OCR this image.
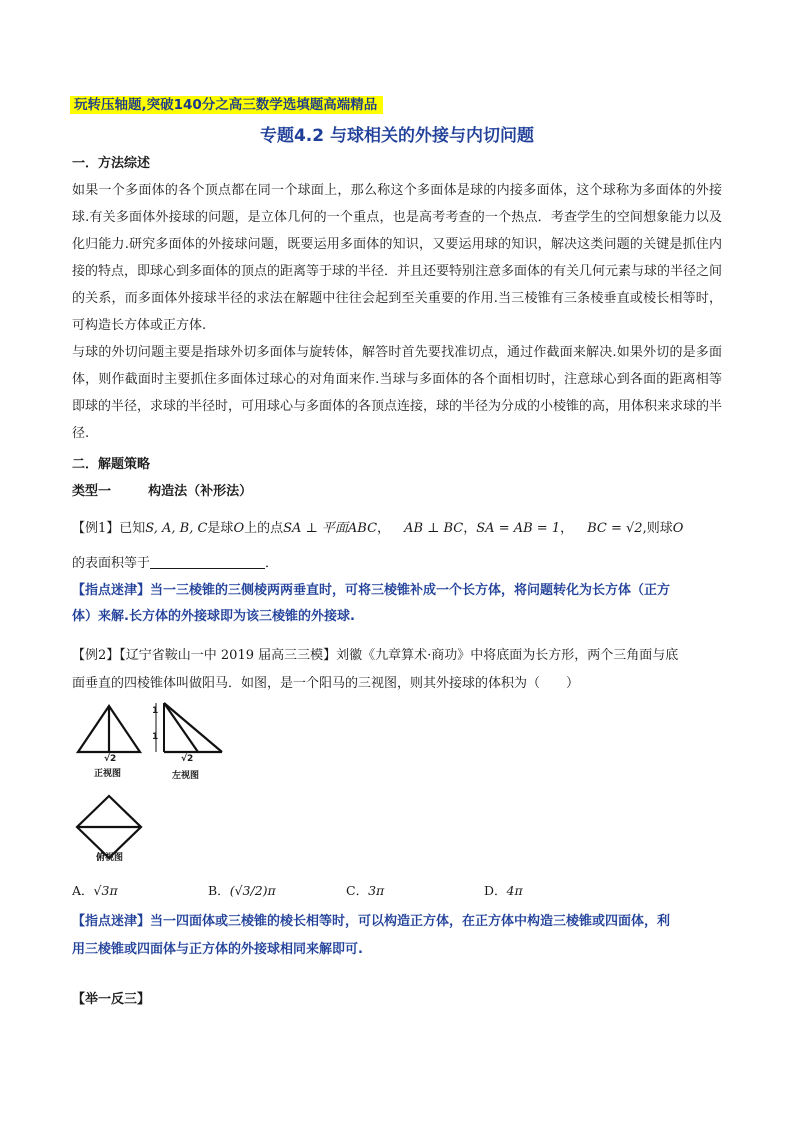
玩转压轴题,突破140分之高三数学选填题高端精品
专题4.2 与球相关的外接与内切问题
一．方法综述
如果一个多面体的各个顶点都在同一个球面上，那么称这个多面体是球的内接多面体，这个球称为多面体的外接球.有关多面体外接球的问题，是立体几何的一个重点，也是高考考查的一个热点．考查学生的空间想象能力以及化归能力.研究多面体的外接球问题，既要运用多面体的知识，又要运用球的知识，解决这类问题的关键是抓住内接的特点，即球心到多面体的顶点的距离等于球的半径．并且还要特别注意多面体的有关几何元素与球的半径之间的关系，而多面体外接球半径的求法在解题中往往会起到至关重要的作用.当三棱锥有三条棱垂直或棱长相等时，可构造长方体或正方体.
与球的外切问题主要是指球外切多面体与旋转体，解答时首先要找准切点，通过作截面来解决.如果外切的是多面体，则作截面时主要抓住多面体过球心的对角面来作.当球与多面体的各个面相切时，注意球心到各面的距离相等即球的半径，求球的半径时，可用球心与多面体的各顶点连接，球的半径为分成的小棱锥的高，用体积来求球的半径.
二．解题策略
类型一	构造法（补形法）
【例1】已知S, A, B, C是球O上的点SA ⊥ 平面ABC， AB ⊥ BC，SA = AB = 1， BC = √2,则球O
的表面积等于	．
【指点迷津】当一三棱锥的三侧棱两两垂直时，可将三棱锥补成一个长方体，将问题转化为长方体（正方
体）来解.长方体的外接球即为该三棱锥的外接球.
【例2】【辽宁省鞍山一中 2019 届高三三模】刘徽《九章算术·商功》中将底面为长方形，两个三角面与底
面垂直的四棱锥体叫做阳马．如图，是一个阳马的三视图，则其外接球的体积为（　　）
√2	√2
1
1
正视图	左视图
俯视图
A．√3π	B．(√3/2)π	C．3π	D．4π
【指点迷津】当一四面体或三棱锥的棱长相等时，可以构造正方体，在正方体中构造三棱锥或四面体，利
用三棱锥或四面体与正方体的外接球相同来解即可.
【举一反三】
